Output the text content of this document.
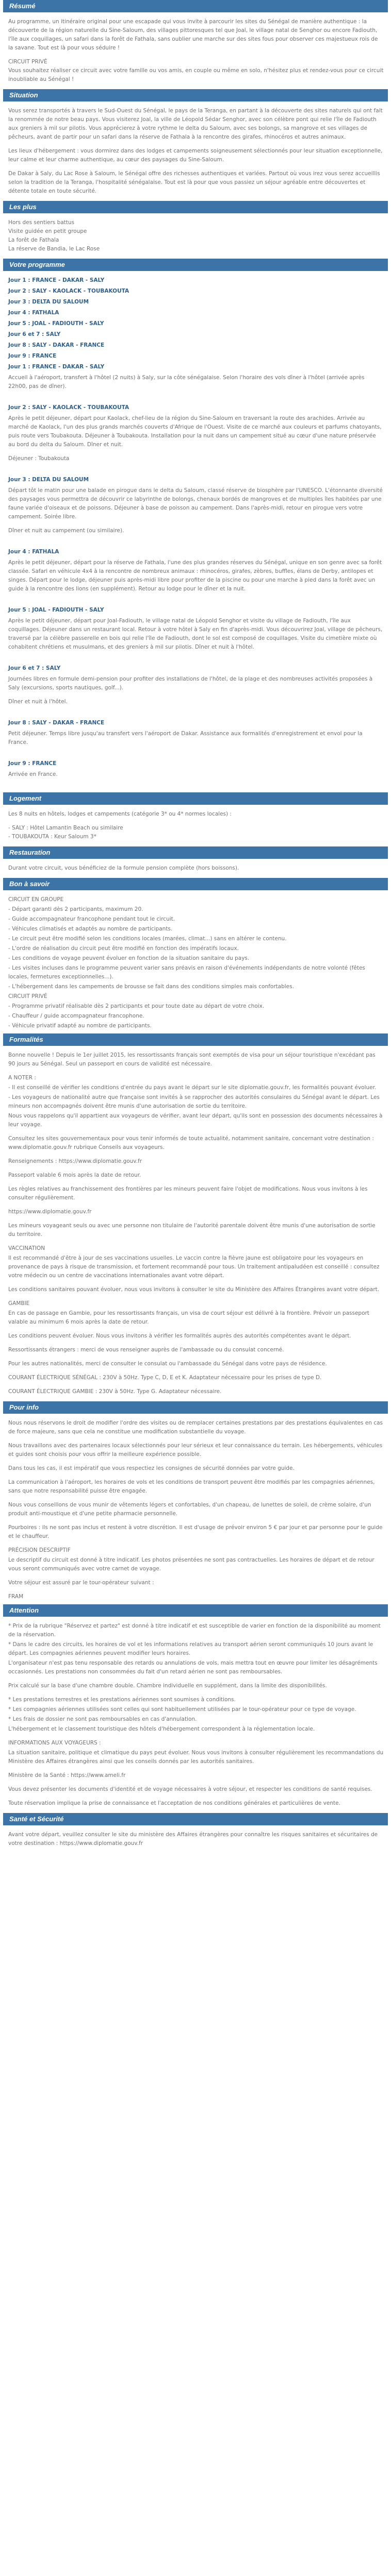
Résumé

Au programme, un itinéraire original pour une escapade qui vous invite à parcourir les sites du Sénégal de manière authentique : la découverte de la région naturelle du Sine-Saloum, des villages pittoresques tel que Joal, le village natal de Senghor ou encore Fadiouth, l'île aux coquillages, un safari dans la forêt de Fathala, sans oublier une marche sur des sites fous pour observer ces majestueux rois de la savane. Tout est là pour vous séduire !

CIRCUIT PRIVÉ

Vous souhaitez réaliser ce circuit avec votre famille ou vos amis, en couple ou même en solo, n'hésitez plus et rendez-vous pour ce circuit inoubliable au Sénégal !

Situation

Vous serez transportés à travers le Sud-Ouest du Sénégal, le pays de la Teranga, en partant à la découverte des sites naturels qui ont fait la renommée de notre beau pays. Vous visiterez Joal, la ville de Léopold Sédar Senghor, avec son célèbre pont qui relie l'île de Fadiouth aux greniers à mil sur pilotis. Vous apprécierez à votre rythme le delta du Saloum, avec ses bolongs, sa mangrove et ses villages de pêcheurs, avant de partir pour un safari dans la réserve de Fathala à la rencontre des girafes, rhinocéros et autres animaux.

Les lieux d'hébergement : vous dormirez dans des lodges et campements soigneusement sélectionnés pour leur situation exceptionnelle, leur calme et leur charme authentique, au cœur des paysages du Sine-Saloum.

De Dakar à Saly, du Lac Rose à Saloum, le Sénégal offre des richesses authentiques et variées. Partout où vous irez vous serez accueillis selon la tradition de la Teranga, l'hospitalité sénégalaise. Tout est là pour que vous passiez un séjour agréable entre découvertes et détente totale en toute sécurité.

Les plus
Hors des sentiers battus
Visite guidée en petit groupe
La forêt de Fathala
La réserve de Bandia, le Lac Rose
Votre programme
Jour 1 : FRANCE - DAKAR - SALY
Jour 2 : SALY - KAOLACK - TOUBAKOUTA
Jour 3 : DELTA DU SALOUM
Jour 4 : FATHALA
Jour 5 : JOAL - FADIOUTH - SALY
Jour 6 et 7 : SALY
Jour 8 : SALY - DAKAR - FRANCE
Jour 9 : FRANCE
Jour 1 : FRANCE - DAKAR - SALY

Accueil à l'aéroport, transfert à l'hôtel (2 nuits) à Saly, sur la côte sénégalaise. Selon l'horaire des vols dîner à l'hôtel (arrivée après 22h00, pas de dîner).

Jour 2 : SALY - KAOLACK - TOUBAKOUTA

Après le petit déjeuner, départ pour Kaolack, chef-lieu de la région du Sine-Saloum en traversant la route des arachides. Arrivée au marché de Kaolack, l'un des plus grands marchés couverts d'Afrique de l'Ouest. Visite de ce marché aux couleurs et parfums chatoyants, puis route vers Toubakouta. Déjeuner à Toubakouta. Installation pour la nuit dans un campement situé au cœur d'une nature préservée au bord du delta du Saloum. Dîner et nuit.

Déjeuner : Toubakouta

Jour 3 : DELTA DU SALOUM

Départ tôt le matin pour une balade en pirogue dans le delta du Saloum, classé réserve de biosphère par l'UNESCO. L'étonnante diversité des paysages vous permettra de découvrir ce labyrinthe de bolongs, chenaux bordés de mangroves et de multiples îles habitées par une faune variée d'oiseaux et de poissons. Déjeuner à base de poisson au campement. Dans l'après-midi, retour en pirogue vers votre campement. Soirée libre.

Dîner et nuit au campement (ou similaire).

Jour 4 : FATHALA

Après le petit déjeuner, départ pour la réserve de Fathala, l'une des plus grandes réserves du Sénégal, unique en son genre avec sa forêt classée. Safari en véhicule 4x4 à la rencontre de nombreux animaux : rhinocéros, girafes, zèbres, buffles, élans de Derby, antilopes et singes. Départ pour le lodge, déjeuner puis après-midi libre pour profiter de la piscine ou pour une marche à pied dans la forêt avec un guide à la rencontre des lions (en supplément). Retour au lodge pour le dîner et la nuit.

Jour 5 : JOAL - FADIOUTH - SALY

Après le petit déjeuner, départ pour Joal-Fadiouth, le village natal de Léopold Senghor et visite du village de Fadiouth, l'île aux coquillages. Déjeuner dans un restaurant local. Retour à votre hôtel à Saly en fin d'après-midi. Vous découvrirez Joal, village de pêcheurs, traversé par la célèbre passerelle en bois qui relie l'île de Fadiouth, dont le sol est composé de coquillages. Visite du cimetière mixte où cohabitent chrétiens et musulmans, et des greniers à mil sur pilotis. Dîner et nuit à l'hôtel.

Jour 6 et 7 : SALY

Journées libres en formule demi-pension pour profiter des installations de l'hôtel, de la plage et des nombreuses activités proposées à Saly (excursions, sports nautiques, golf...).

Dîner et nuit à l'hôtel.

Jour 8 : SALY - DAKAR - FRANCE

Petit déjeuner. Temps libre jusqu'au transfert vers l'aéroport de Dakar. Assistance aux formalités d'enregistrement et envol pour la France.

Jour 9 : FRANCE

Arrivée en France.

Logement

Les 8 nuits en hôtels, lodges et campements (catégorie 3* ou 4* normes locales) :

- SALY : Hôtel Lamantin Beach ou similaire
- TOUBAKOUTA : Keur Saloum 3*
Restauration

Durant votre circuit, vous bénéficiez de la formule pension complète (hors boissons).

Bon à savoir

CIRCUIT EN GROUPE

- Départ garanti dès 2 participants, maximum 20.

- Guide accompagnateur francophone pendant tout le circuit.

- Véhicules climatisés et adaptés au nombre de participants.

- Le circuit peut être modifié selon les conditions locales (marées, climat...) sans en altérer le contenu.

- L'ordre de réalisation du circuit peut être modifié en fonction des impératifs locaux.

- Les conditions de voyage peuvent évoluer en fonction de la situation sanitaire du pays.

- Les visites incluses dans le programme peuvent varier sans préavis en raison d'événements indépendants de notre volonté (fêtes locales, fermetures exceptionnelles...).

- L'hébergement dans les campements de brousse se fait dans des conditions simples mais confortables.

CIRCUIT PRIVÉ

- Programme privatif réalisable dès 2 participants et pour toute date au départ de votre choix.

- Chauffeur / guide accompagnateur francophone.

- Véhicule privatif adapté au nombre de participants.

Formalités

Bonne nouvelle ! Depuis le 1er juillet 2015, les ressortissants français sont exemptés de visa pour un séjour touristique n'excédant pas 90 jours au Sénégal. Seul un passeport en cours de validité est nécessaire.

A NOTER :

- Il est conseillé de vérifier les conditions d'entrée du pays avant le départ sur le site diplomatie.gouv.fr, les formalités pouvant évoluer.

- Les voyageurs de nationalité autre que française sont invités à se rapprocher des autorités consulaires du Sénégal avant le départ. Les mineurs non accompagnés doivent être munis d'une autorisation de sortie du territoire.

Nous vous rappelons qu'il appartient aux voyageurs de vérifier, avant leur départ, qu'ils sont en possession des documents nécessaires à leur voyage.

Consultez les sites gouvernementaux pour vous tenir informés de toute actualité, notamment sanitaire, concernant votre destination : www.diplomatie.gouv.fr rubrique Conseils aux voyageurs.

Renseignements : https://www.diplomatie.gouv.fr

Passeport valable 6 mois après la date de retour.

Les règles relatives au franchissement des frontières par les mineurs peuvent faire l'objet de modifications. Nous vous invitons à les consulter régulièrement.

https://www.diplomatie.gouv.fr

Les mineurs voyageant seuls ou avec une personne non titulaire de l'autorité parentale doivent être munis d'une autorisation de sortie du territoire.

VACCINATION

Il est recommandé d'être à jour de ses vaccinations usuelles. Le vaccin contre la fièvre jaune est obligatoire pour les voyageurs en provenance de pays à risque de transmission, et fortement recommandé pour tous. Un traitement antipaludéen est conseillé : consultez votre médecin ou un centre de vaccinations internationales avant votre départ.

Les conditions sanitaires pouvant évoluer, nous vous invitons à consulter le site du Ministère des Affaires Étrangères avant votre départ.

GAMBIE

En cas de passage en Gambie, pour les ressortissants français, un visa de court séjour est délivré à la frontière. Prévoir un passeport valable au minimum 6 mois après la date de retour.

Les conditions peuvent évoluer. Nous vous invitons à vérifier les formalités auprès des autorités compétentes avant le départ.

Ressortissants étrangers : merci de vous renseigner auprès de l'ambassade ou du consulat concerné.

Pour les autres nationalités, merci de consulter le consulat ou l'ambassade du Sénégal dans votre pays de résidence.

COURANT ÉLECTRIQUE SÉNÉGAL : 230V à 50Hz. Type C, D, E et K. Adaptateur nécessaire pour les prises de type D.

COURANT ÉLECTRIQUE GAMBIE : 230V à 50Hz. Type G. Adaptateur nécessaire.

Pour info

Nous nous réservons le droit de modifier l'ordre des visites ou de remplacer certaines prestations par des prestations équivalentes en cas de force majeure, sans que cela ne constitue une modification substantielle du voyage.

Nous travaillons avec des partenaires locaux sélectionnés pour leur sérieux et leur connaissance du terrain. Les hébergements, véhicules et guides sont choisis pour vous offrir la meilleure expérience possible.

Dans tous les cas, il est impératif que vous respectiez les consignes de sécurité données par votre guide.

La communication à l'aéroport, les horaires de vols et les conditions de transport peuvent être modifiés par les compagnies aériennes, sans que notre responsabilité puisse être engagée.

Nous vous conseillons de vous munir de vêtements légers et confortables, d'un chapeau, de lunettes de soleil, de crème solaire, d'un produit anti-moustique et d'une petite pharmacie personnelle.

Pourboires : ils ne sont pas inclus et restent à votre discrétion. Il est d'usage de prévoir environ 5 € par jour et par personne pour le guide et le chauffeur.

PRÉCISION DESCRIPTIF

Le descriptif du circuit est donné à titre indicatif. Les photos présentées ne sont pas contractuelles. Les horaires de départ et de retour vous seront communiqués avec votre carnet de voyage.

Votre séjour est assuré par le tour-opérateur suivant :

FRAM

Attention

* Prix de la rubrique "Réservez et partez" est donné à titre indicatif et est susceptible de varier en fonction de la disponibilité au moment de la réservation.

* Dans le cadre des circuits, les horaires de vol et les informations relatives au transport aérien seront communiqués 10 jours avant le départ. Les compagnies aériennes peuvent modifier leurs horaires.

L'organisateur n'est pas tenu responsable des retards ou annulations de vols, mais mettra tout en œuvre pour limiter les désagréments occasionnés. Les prestations non consommées du fait d'un retard aérien ne sont pas remboursables.

Prix calculé sur la base d'une chambre double. Chambre individuelle en supplément, dans la limite des disponibilités.

* Les prestations terrestres et les prestations aériennes sont soumises à conditions.

* Les compagnies aériennes utilisées sont celles qui sont habituellement utilisées par le tour-opérateur pour ce type de voyage.

* Les frais de dossier ne sont pas remboursables en cas d'annulation.

L'hébergement et le classement touristique des hôtels d'hébergement correspondent à la réglementation locale.

INFORMATIONS AUX VOYAGEURS :

La situation sanitaire, politique et climatique du pays peut évoluer. Nous vous invitons à consulter régulièrement les recommandations du Ministère des Affaires étrangères ainsi que les conseils donnés par les autorités sanitaires.

Ministère de la Santé : https://www.ameli.fr

Vous devez présenter les documents d'identité et de voyage nécessaires à votre séjour, et respecter les conditions de santé requises.

Toute réservation implique la prise de connaissance et l'acceptation de nos conditions générales et particulières de vente.

Santé et Sécurité

Avant votre départ, veuillez consulter le site du ministère des Affaires étrangères pour connaître les risques sanitaires et sécuritaires de votre destination : https://www.diplomatie.gouv.fr
